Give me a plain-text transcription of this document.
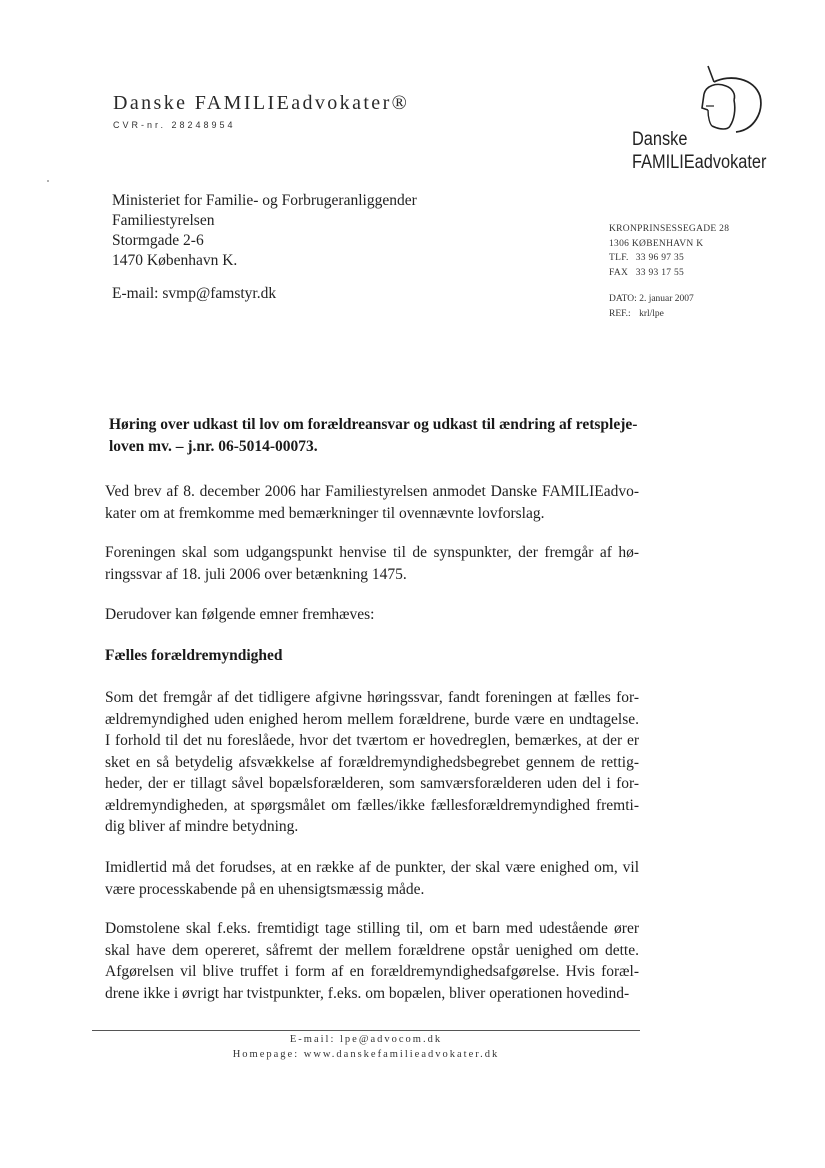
Danske FAMILIEadvokater®
CVR-nr. 28248954
Danske
FAMILIEadvokater
Ministeriet for Familie- og Forbrugeranliggender
Familiestyrelsen
Stormgade 2-6
1470 København K.
E-mail: svmp@famstyr.dk
KRONPRINSESSEGADE 28
1306 KØBENHAVN K
TLF. 33 96 97 35
FAX 33 93 17 55
DATO: 2. januar 2007
REF.: krl/lpe
Høring over udkast til lov om forældreansvar og udkast til ændring af retspleje-loven mv. – j.nr. 06-5014-00073.
Ved brev af 8. december 2006 har Familiestyrelsen anmodet Danske FAMILIEadvo-kater om at fremkomme med bemærkninger til ovennævnte lovforslag.
Foreningen skal som udgangspunkt henvise til de synspunkter, der fremgår af hø-ringssvar af 18. juli 2006 over betænkning 1475.
Derudover kan følgende emner fremhæves:
Fælles forældremyndighed
Som det fremgår af det tidligere afgivne høringssvar, fandt foreningen at fælles for-ældremyndighed uden enighed herom mellem forældrene, burde være en undtagelse. I forhold til det nu foreslåede, hvor det tværtom er hovedreglen, bemærkes, at der er sket en så betydelig afsvækkelse af forældremyndighedsbegrebet gennem de rettig-heder, der er tillagt såvel bopælsforælderen, som samværsforælderen uden del i for-ældremyndigheden, at spørgsmålet om fælles/ikke fællesforældremyndighed fremti-dig bliver af mindre betydning.
Imidlertid må det forudses, at en række af de punkter, der skal være enighed om, vil være processkabende på en uhensigtsmæssig måde.
Domstolene skal f.eks. fremtidigt tage stilling til, om et barn med udestående ører skal have dem opereret, såfremt der mellem forældrene opstår uenighed om dette. Afgørelsen vil blive truffet i form af en forældremyndighedsafgørelse. Hvis foræl-drene ikke i øvrigt har tvistpunkter, f.eks. om bopælen, bliver operationen hovedind-
E-mail: lpe@advocom.dk
Homepage: www.danskefamilieadvokater.dk
